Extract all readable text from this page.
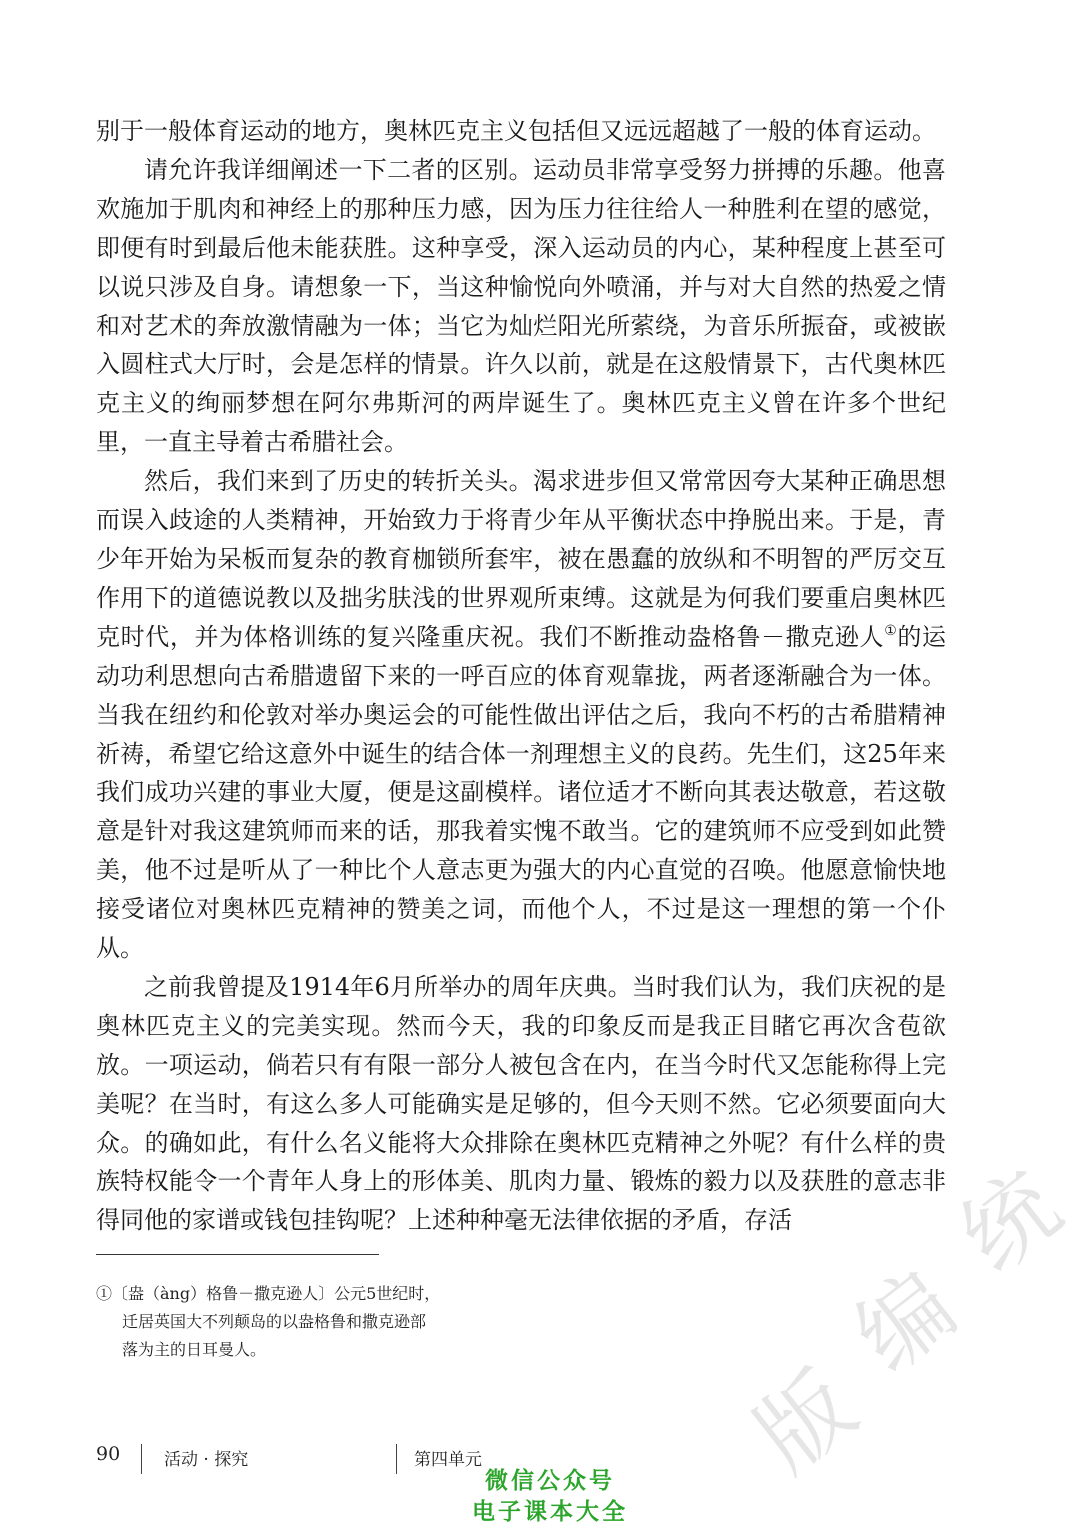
别于一般体育运动的地方，奥林匹克主义包括但又远远超越了一般的体育运动。

请允许我详细阐述一下二者的区别。运动员非常享受努力拼搏的乐趣。他喜欢施加于肌肉和神经上的那种压力感，因为压力往往给人一种胜利在望的感觉，即便有时到最后他未能获胜。这种享受，深入运动员的内心，某种程度上甚至可以说只涉及自身。请想象一下，当这种愉悦向外喷涌，并与对大自然的热爱之情和对艺术的奔放激情融为一体；当它为灿烂阳光所萦绕，为音乐所振奋，或被嵌入圆柱式大厅时，会是怎样的情景。许久以前，就是在这般情景下，古代奥林匹克主义的绚丽梦想在阿尔弗斯河的两岸诞生了。奥林匹克主义曾在许多个世纪里，一直主导着古希腊社会。

然后，我们来到了历史的转折关头。渴求进步但又常常因夸大某种正确思想而误入歧途的人类精神，开始致力于将青少年从平衡状态中挣脱出来。于是，青少年开始为呆板而复杂的教育枷锁所套牢，被在愚蠢的放纵和不明智的严厉交互作用下的道德说教以及拙劣肤浅的世界观所束缚。这就是为何我们要重启奥林匹克时代，并为体格训练的复兴隆重庆祝。我们不断推动盎格鲁－撒克逊人①的运动功利思想向古希腊遗留下来的一呼百应的体育观靠拢，两者逐渐融合为一体。当我在纽约和伦敦对举办奥运会的可能性做出评估之后，我向不朽的古希腊精神祈祷，希望它给这意外中诞生的结合体一剂理想主义的良药。先生们，这25年来我们成功兴建的事业大厦，便是这副模样。诸位适才不断向其表达敬意，若这敬意是针对我这建筑师而来的话，那我着实愧不敢当。它的建筑师不应受到如此赞美，他不过是听从了一种比个人意志更为强大的内心直觉的召唤。他愿意愉快地接受诸位对奥林匹克精神的赞美之词，而他个人，不过是这一理想的第一个仆从。

之前我曾提及1914年6月所举办的周年庆典。当时我们认为，我们庆祝的是奥林匹克主义的完美实现。然而今天，我的印象反而是我正目睹它再次含苞欲放。一项运动，倘若只有有限一部分人被包含在内，在当今时代又怎能称得上完美呢？在当时，有这么多人可能确实是足够的，但今天则不然。它必须要面向大众。的确如此，有什么名义能将大众排除在奥林匹克精神之外呢？有什么样的贵族特权能令一个青年人身上的形体美、肌肉力量、锻炼的毅力以及获胜的意志非得同他的家谱或钱包挂钩呢？上述种种毫无法律依据的矛盾，存活

①〔盎（àng）格鲁－撒克逊人〕公元5世纪时，
迁居英国大不列颠岛的以盎格鲁和撒克逊部
落为主的日耳曼人。
统
编
版
90	活动 · 探究	第四单元
微信公众号
电子课本大全
